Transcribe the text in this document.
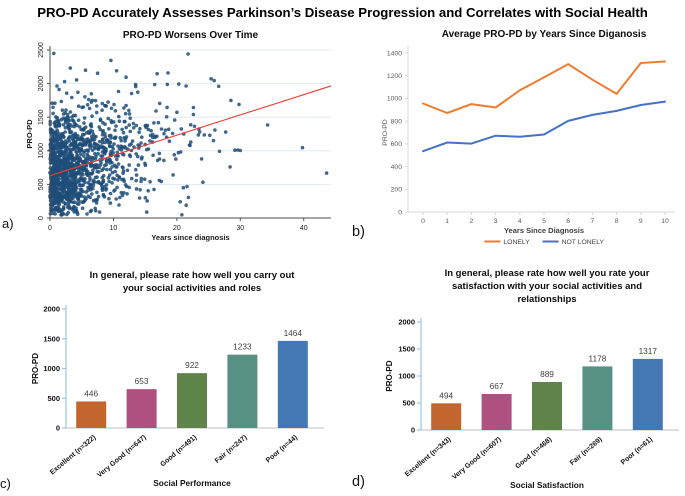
PRO-PD Accurately Assesses Parkinson’s Disease Progression and Correlates with Social Health
0
500
1000
1500
2000
2500
0	10	20	30	40
Years since diagnosis
PRO-PD
PRO-PD Worsens Over Time
a)
0
200
400
600
800
1000
1200
1400
0	1	2	3	4	5	6	7	8	9	10
Years Since Diagnosis
PRO-PD
Average PRO-PD by Years Since Diganosis
LONELY	NOT LONELY
b)
0
500
1000
1500
2000
446
Excellent (n=322)
653
Very Good (n=647)
922
Good (n=491)
1233
Fair (n=247)
1464
Poor (n=44)
Social Performance
PRO-PD
In general, please rate how well you carry out
your social activities and roles
c)
0
500
1000
1500
2000
494
Excellent (n=343)
667
Very Good (n=607)
889
Good (n=468)
1178
Fair (n=269)
1317
Poor (n=61)
Social Satisfaction
PRO-PD
In general, please rate how well you rate your
satisfaction with your social activities and
relationships
d)
